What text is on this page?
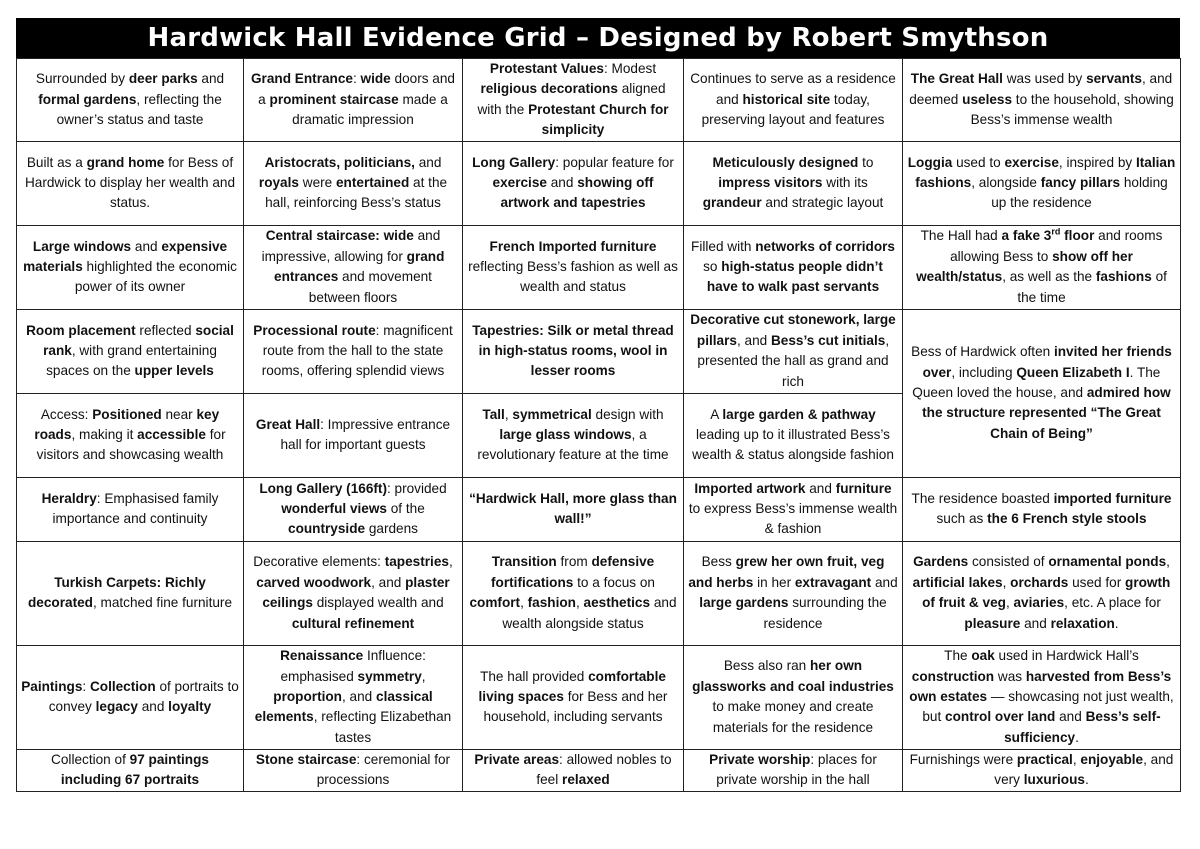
Hardwick Hall Evidence Grid – Designed by Robert Smythson
Surrounded by deer parks and formal gardens, reflecting the owner’s status and taste	Grand Entrance: wide doors and a prominent staircase made a dramatic impression	Protestant Values: Modest religious decorations aligned with the Protestant Church for simplicity	Continues to serve as a residence and historical site today, preserving layout and features	The Great Hall was used by servants, and deemed useless to the household, showing Bess’s immense wealth
Built as a grand home for Bess of Hardwick to display her wealth and status.	Aristocrats, politicians, and royals were entertained at the hall, reinforcing Bess’s status	Long Gallery: popular feature for exercise and showing off artwork and tapestries	Meticulously designed to impress visitors with its grandeur and strategic layout	Loggia used to exercise, inspired by Italian fashions, alongside fancy pillars holding up the residence
Large windows and expensive materials highlighted the economic power of its owner	Central staircase: wide and impressive, allowing for grand entrances and movement between floors	French Imported furniture reflecting Bess’s fashion as well as wealth and status	Filled with networks of corridors so high-status people didn’t have to walk past servants	The Hall had a fake 3rd floor and rooms allowing Bess to show off her wealth/status, as well as the fashions of the time
Room placement reflected social rank, with grand entertaining spaces on the upper levels	Processional route: magnificent route from the hall to the state rooms, offering splendid views	Tapestries: Silk or metal thread in high-status rooms, wool in lesser rooms	Decorative cut stonework, large pillars, and Bess’s cut initials, presented the hall as grand and rich	Bess of Hardwick often invited her friends over, including Queen Elizabeth I. The Queen loved the house, and admired how the structure represented “The Great Chain of Being”
Access: Positioned near key roads, making it accessible for visitors and showcasing wealth	Great Hall: Impressive entrance hall for important guests	Tall, symmetrical design with large glass windows, a revolutionary feature at the time	A large garden & pathway leading up to it illustrated Bess’s wealth & status alongside fashion	
Heraldry: Emphasised family importance and continuity	Long Gallery (166ft): provided wonderful views of the countryside gardens	“Hardwick Hall, more glass than wall!”	Imported artwork and furniture to express Bess’s immense wealth & fashion	The residence boasted imported furniture such as the 6 French style stools
Turkish Carpets: Richly decorated, matched fine furniture	Decorative elements: tapestries, carved woodwork, and plaster ceilings displayed wealth and cultural refinement	Transition from defensive fortifications to a focus on comfort, fashion, aesthetics and wealth alongside status	Bess grew her own fruit, veg and herbs in her extravagant and large gardens surrounding the residence	Gardens consisted of ornamental ponds, artificial lakes, orchards used for growth of fruit & veg, aviaries, etc. A place for pleasure and relaxation.
Paintings: Collection of portraits to convey legacy and loyalty	Renaissance Influence: emphasised symmetry, proportion, and classical elements, reflecting Elizabethan tastes	The hall provided comfortable living spaces for Bess and her household, including servants	Bess also ran her own glassworks and coal industries to make money and create materials for the residence	The oak used in Hardwick Hall’s construction was harvested from Bess’s own estates — showcasing not just wealth, but control over land and Bess’s self-sufficiency.
Collection of 97 paintings including 67 portraits	Stone staircase: ceremonial for processions	Private areas: allowed nobles to feel relaxed	Private worship: places for private worship in the hall	Furnishings were practical, enjoyable, and very luxurious.
